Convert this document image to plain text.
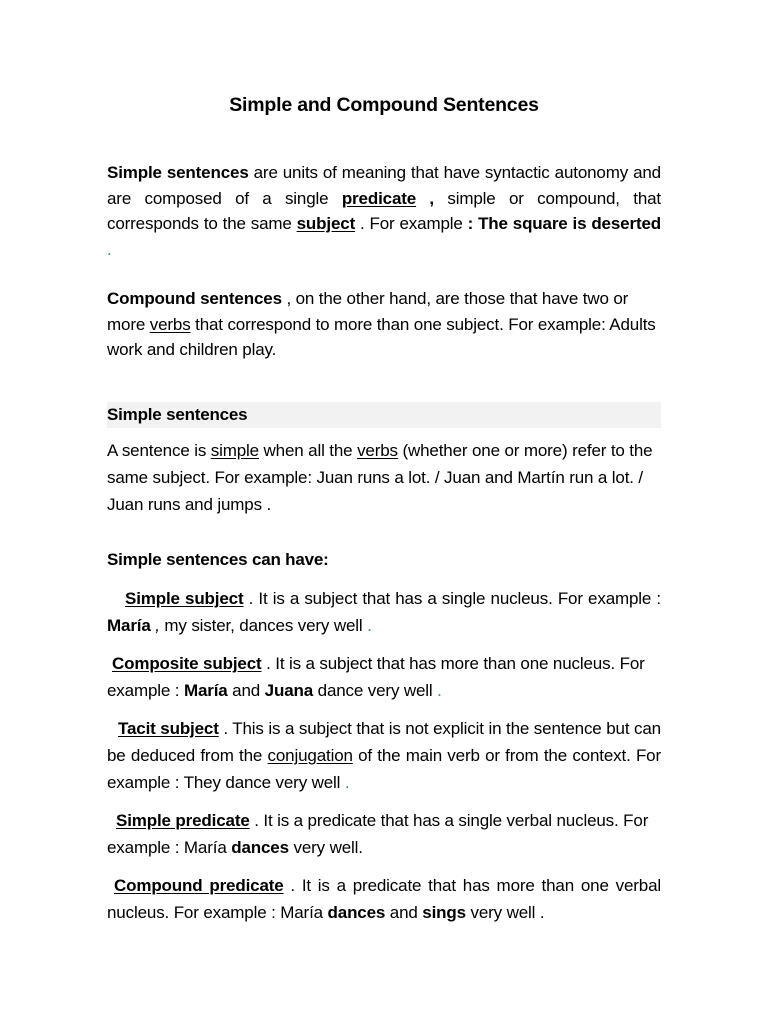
Simple and Compound Sentences
Simple sentences are units of meaning that have syntactic autonomy and are composed of a single predicate , simple or compound, that corresponds to the same subject . For example : The square is deserted .
Compound sentences , on the other hand, are those that have two or more verbs that correspond to more than one subject. For example: Adults work and children play.
Simple sentences
A sentence is simple when all the verbs (whether one or more) refer to the same subject. For example: Juan runs a lot. / Juan and Martín run a lot. / Juan runs and jumps .
Simple sentences can have:
Simple subject . It is a subject that has a single nucleus. For example : María , my sister, dances very well .
Composite subject . It is a subject that has more than one nucleus. For example : María and Juana dance very well .
Tacit subject . This is a subject that is not explicit in the sentence but can be deduced from the conjugation of the main verb or from the context. For example : They dance very well .
Simple predicate . It is a predicate that has a single verbal nucleus. For example : María dances very well.
Compound predicate . It is a predicate that has more than one verbal nucleus. For example : María dances and sings very well .
